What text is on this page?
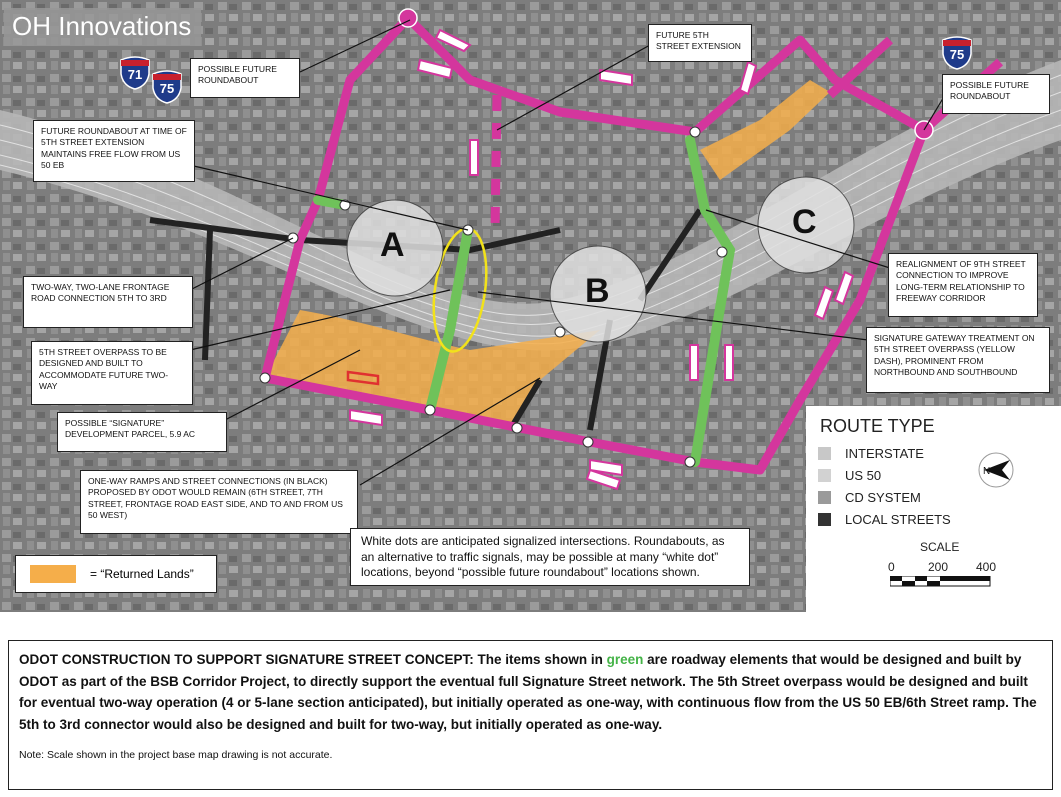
OH Innovations
71
75
75
A
B
C
POSSIBLE FUTURE ROUNDABOUT
FUTURE 5TH STREET EXTENSION
POSSIBLE FUTURE ROUNDABOUT
FUTURE ROUNDABOUT AT TIME OF 5TH STREET EXTENSION MAINTAINS FREE FLOW FROM US 50 EB
REALIGNMENT OF 9TH STREET CONNECTION TO IMPROVE LONG-TERM RELATIONSHIP TO FREEWAY CORRIDOR
TWO-WAY, TWO-LANE FRONTAGE ROAD CONNECTION 5TH TO 3RD
5TH STREET OVERPASS TO BE DESIGNED AND BUILT TO ACCOMMODATE FUTURE TWO-WAY
SIGNATURE GATEWAY TREATMENT ON 5TH STREET OVERPASS (YELLOW DASH), PROMINENT FROM NORTHBOUND AND SOUTHBOUND
POSSIBLE “SIGNATURE” DEVELOPMENT PARCEL, 5.9 AC
ONE-WAY RAMPS AND STREET CONNECTIONS (IN BLACK) PROPOSED BY ODOT WOULD REMAIN (6TH STREET, 7TH STREET, FRONTAGE ROAD EAST SIDE, AND TO AND FROM US 50 WEST)
White dots are anticipated signalized intersections. Roundabouts, as an alternative to traffic signals, may be possible at many “white dot” locations, beyond “possible future roundabout” locations shown.
= “Returned Lands”
ROUTE TYPE
INTERSTATE
US 50
CD SYSTEM
LOCAL STREETS
SCALE
0	200 400
N
ODOT CONSTRUCTION TO SUPPORT SIGNATURE STREET CONCEPT: The items shown in green are roadway elements that would be designed and built by ODOT as part of the BSB Corridor Project, to directly support the eventual full Signature Street network. The 5th Street overpass would be designed and built for eventual two-way operation (4 or 5-lane section anticipated), but initially operated as one-way, with continuous flow from the US 50 EB/6th Street ramp. The 5th to 3rd connector would also be designed and built for two-way, but initially operated as one-way.
Note: Scale shown in the project base map drawing is not accurate.
